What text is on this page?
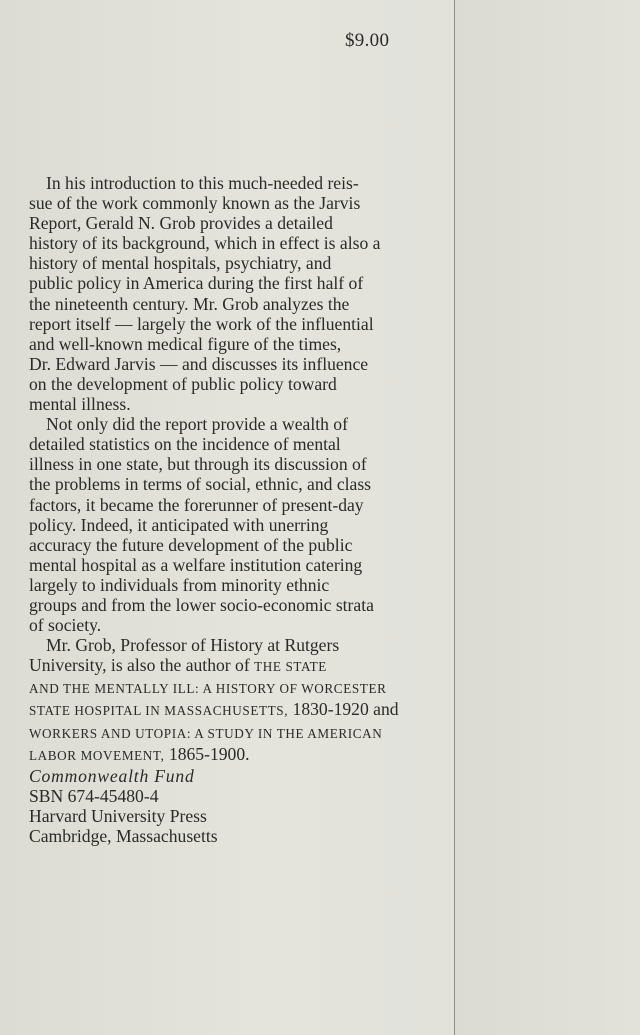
$9.00
In his introduction to this much-needed reis-
sue of the work commonly known as the Jarvis
Report, Gerald N. Grob provides a detailed
history of its background, which in effect is also a
history of mental hospitals, psychiatry, and
public policy in America during the first half of
the nineteenth century. Mr. Grob analyzes the
report itself — largely the work of the influential
and well-known medical figure of the times,
Dr. Edward Jarvis — and discusses its influence
on the development of public policy toward
mental illness.
Not only did the report provide a wealth of
detailed statistics on the incidence of mental
illness in one state, but through its discussion of
the problems in terms of social, ethnic, and class
factors, it became the forerunner of present-day
policy. Indeed, it anticipated with unerring
accuracy the future development of the public
mental hospital as a welfare institution catering
largely to individuals from minority ethnic
groups and from the lower socio-economic strata
of society.
Mr. Grob, Professor of History at Rutgers
University, is also the author of THE STATE
AND THE MENTALLY ILL: A HISTORY OF WORCESTER
STATE HOSPITAL IN MASSACHUSETTS, 1830-1920 and
WORKERS AND UTOPIA: A STUDY IN THE AMERICAN
LABOR MOVEMENT, 1865-1900.
Commonwealth Fund
SBN 674-45480-4
Harvard University Press
Cambridge, Massachusetts
